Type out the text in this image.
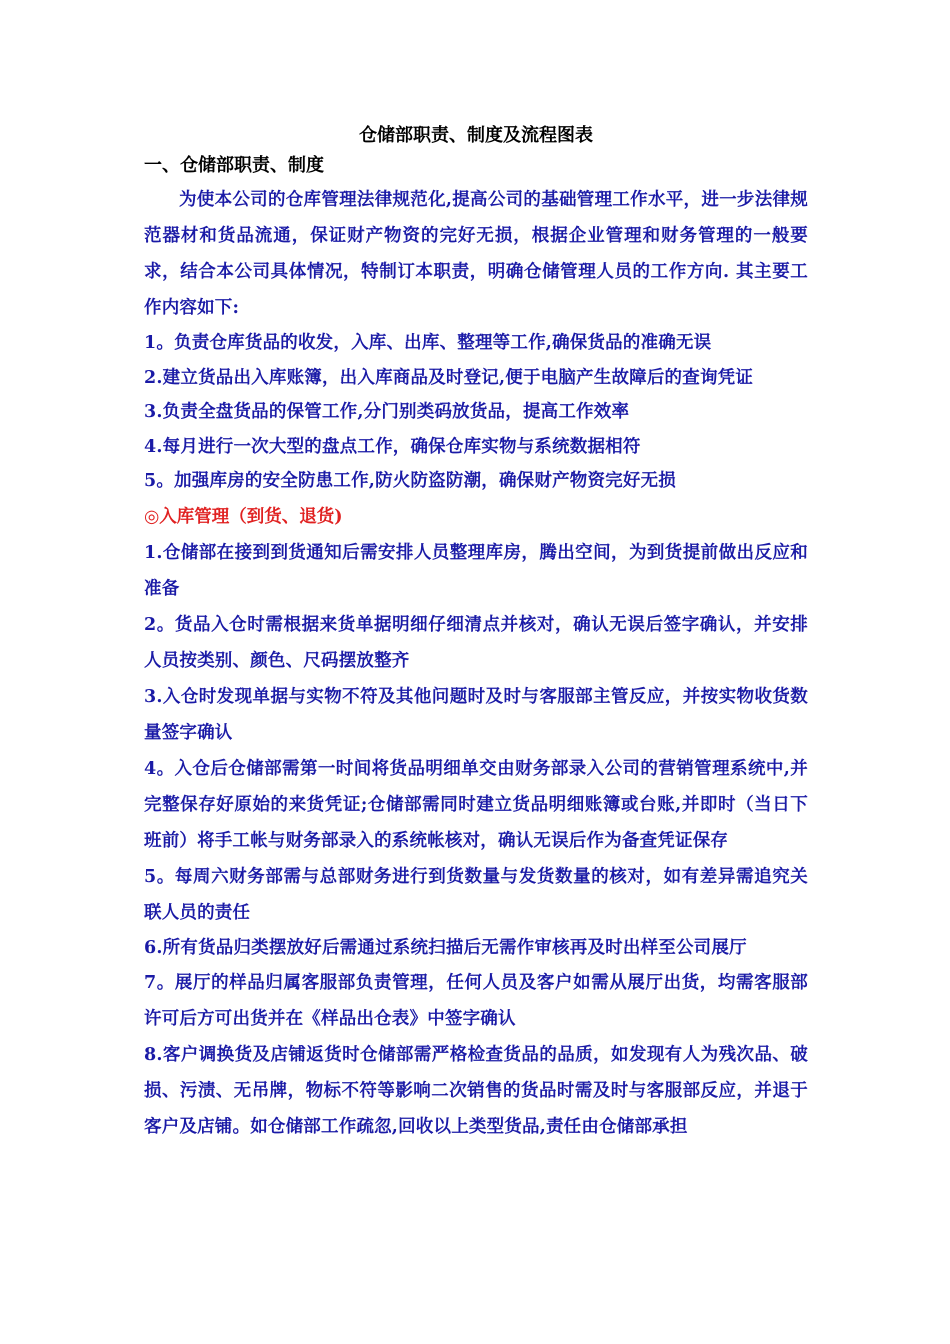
仓储部职责、制度及流程图表

一、仓储部职责、制度

为使本公司的仓库管理法律规范化,提高公司的基础管理工作水平，进一步法律规范器材和货品流通，保证财产物资的完好无损，根据企业管理和财务管理的一般要求，结合本公司具体情况，特制订本职责，明确仓储管理人员的工作方向. 其主要工作内容如下:

1。负责仓库货品的收发，入库、出库、整理等工作,确保货品的准确无误

2.建立货品出入库账簿，出入库商品及时登记,便于电脑产生故障后的查询凭证

3.负责全盘货品的保管工作,分门别类码放货品，提高工作效率

4.每月进行一次大型的盘点工作，确保仓库实物与系统数据相符

5。加强库房的安全防患工作,防火防盗防潮，确保财产物资完好无损

◎入库管理（到货、退货)

1.仓储部在接到到货通知后需安排人员整理库房，腾出空间，为到货提前做出反应和准备

2。货品入仓时需根据来货单据明细仔细清点并核对，确认无误后签字确认，并安排人员按类别、颜色、尺码摆放整齐

3.入仓时发现单据与实物不符及其他问题时及时与客服部主管反应，并按实物收货数量签字确认

4。入仓后仓储部需第一时间将货品明细单交由财务部录入公司的营销管理系统中,并完整保存好原始的来货凭证;仓储部需同时建立货品明细账簿或台账,并即时（当日下班前）将手工帐与财务部录入的系统帐核对，确认无误后作为备查凭证保存

5。每周六财务部需与总部财务进行到货数量与发货数量的核对，如有差异需追究关联人员的责任

6.所有货品归类摆放好后需通过系统扫描后无需作审核再及时出样至公司展厅

7。展厅的样品归属客服部负责管理，任何人员及客户如需从展厅出货，均需客服部许可后方可出货并在《样品出仓表》中签字确认

8.客户调换货及店铺返货时仓储部需严格检查货品的品质，如发现有人为残次品、破损、污渍、无吊牌，物标不符等影响二次销售的货品时需及时与客服部反应，并退于客户及店铺。如仓储部工作疏忽,回收以上类型货品,责任由仓储部承担
